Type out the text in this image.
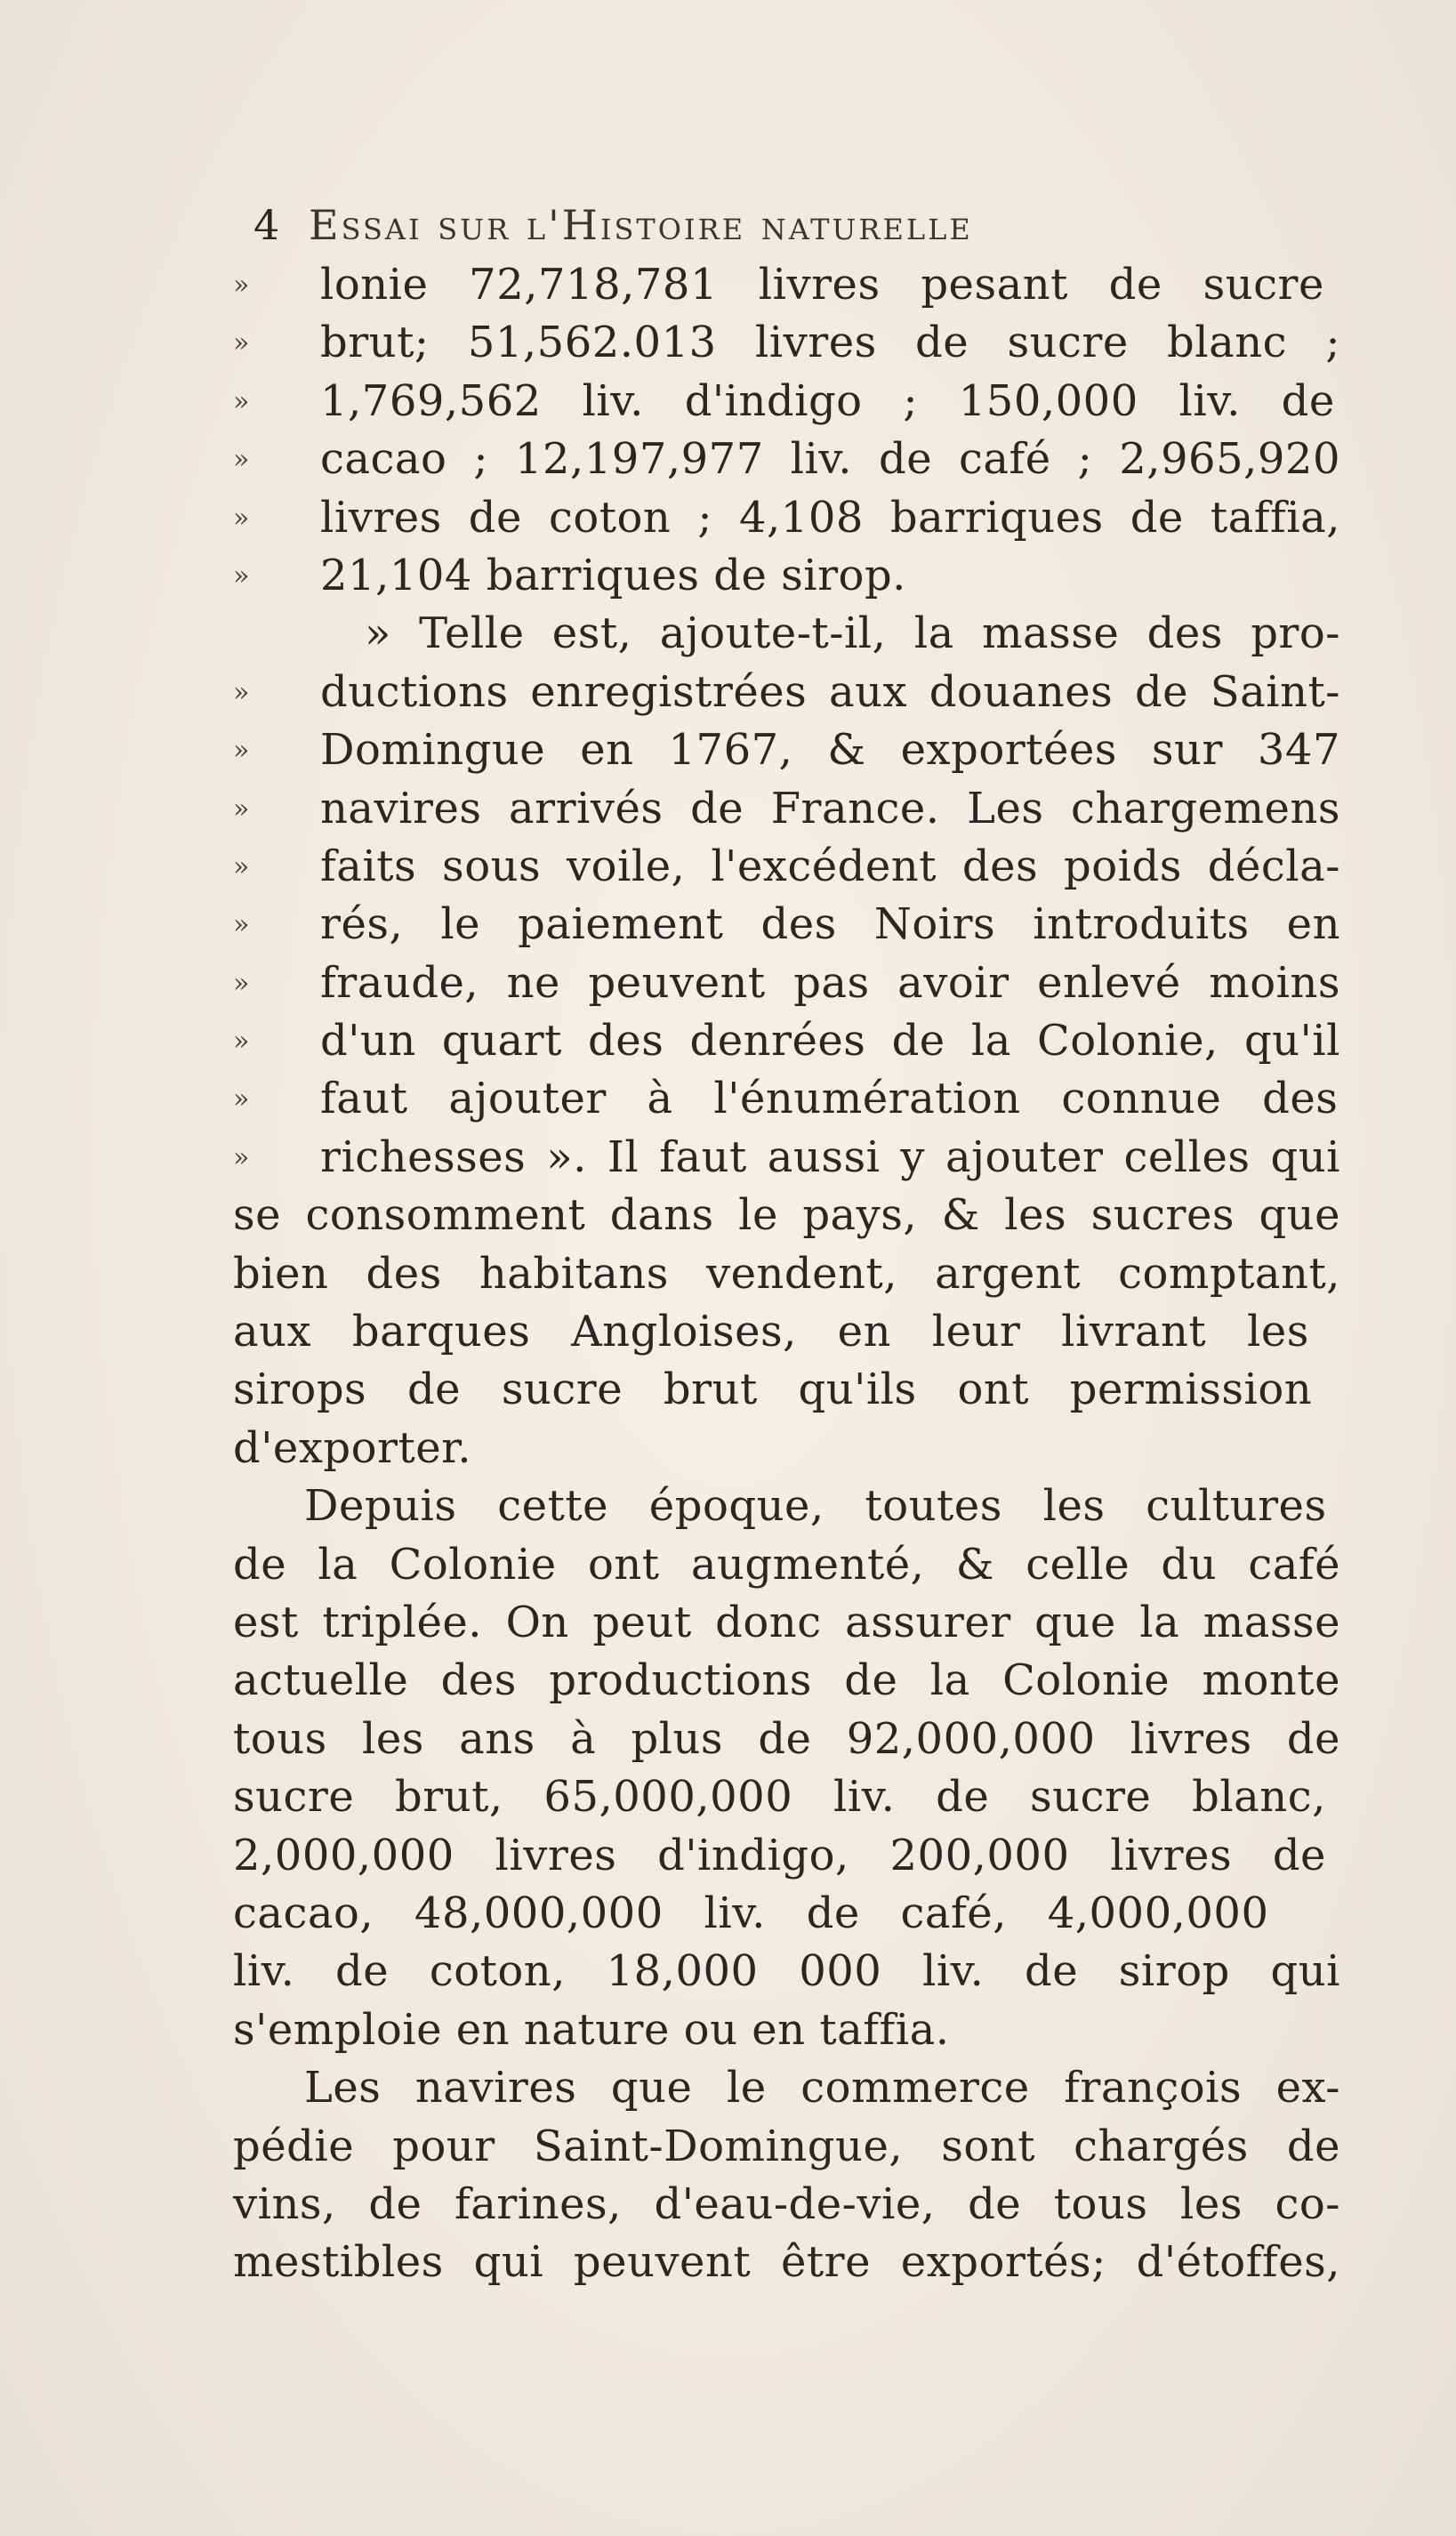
4 Essai sur l'Histoire naturelle
»	lonie 72,718,781 livres pesant de sucre
»	brut; 51,562.013 livres de sucre blanc ;
»	1,769,562 liv. d'indigo ; 150,000 liv. de
»	cacao ; 12,197,977 liv. de café ; 2,965,920
»	livres de coton ; 4,108 barriques de taffia,
»	21,104 barriques de sirop.
» Telle est, ajoute-t-il, la masse des pro-
»	ductions enregistrées aux douanes de Saint-
»	Domingue en 1767, & exportées sur 347
»	navires arrivés de France. Les chargemens
»	faits sous voile, l'excédent des poids décla-
»	rés, le paiement des Noirs introduits en
»	fraude, ne peuvent pas avoir enlevé moins
»	d'un quart des denrées de la Colonie, qu'il
»	faut ajouter à l'énumération connue des
»	richesses ». Il faut aussi y ajouter celles qui
se consomment dans le pays, & les sucres que
bien des habitans vendent, argent comptant,
aux barques Angloises, en leur livrant les
sirops de sucre brut qu'ils ont permission
d'exporter.
Depuis cette époque, toutes les cultures
de la Colonie ont augmenté, & celle du café
est triplée. On peut donc assurer que la masse
actuelle des productions de la Colonie monte
tous les ans à plus de 92,000,000 livres de
sucre brut, 65,000,000 liv. de sucre blanc,
2,000,000 livres d'indigo, 200,000 livres de
cacao, 48,000,000 liv. de café, 4,000,000
liv. de coton, 18,000 000 liv. de sirop qui
s'emploie en nature ou en taffia.
Les navires que le commerce françois ex-
pédie pour Saint-Domingue, sont chargés de
vins, de farines, d'eau-de-vie, de tous les co-
mestibles qui peuvent être exportés; d'étoffes,
